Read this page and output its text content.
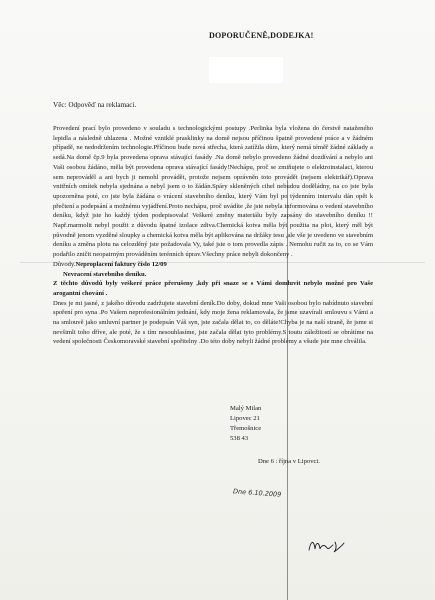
DOPORUČENĚ,DODEJKA!
Věc: Odpověď na reklamaci.

Provedení prací bylo provedeno v souladu s technologickými postupy .Perlinka byla vložena do čerstvě nataženého lepidla a následně uhlazena . Možné vzniklé prasklinky na domě nejsou příčinou špatně provedené práce a v žádném případě, ne nedodržením technologie.Příčinou bude nová střecha, která zatížila dům, který nemá téměř žádné základy a sedá.Na domě čp.9 byla provedena oprava stávající fasády .Na domě nebylo provedeno žádné dozdívání a nebylo ani Vaši osobou žádáno, měla být provedena oprava stávající fasády!Nechápu, proč se zmiňujete o elektroinstalaci, kterou sem neprováděl a ani bych ji nemohl provádět, protože nejsem oprávněn toto provádět (nejsem elektrikář).Oprava vnitřních omítek nebyla sjednána a nebyl jsem o to žádán.Spáry skleněných cihel nebudou doděládny, na co jste byla upozorněna poté, co jste byla žádána o vrácení stavebního deníku, který Vám byl po týdenním intervalu dán opět k přečtení a podepsání a možnému vyjádření.Proto nechápu, proč uvádíte ,že jste nebyla informována o vedení stavebního deníku, když jste ho každý týden podepisovala! Veškeré změny materiálu byly zapsány do stavebního deníku !! Např.marmolit nebyl použit z důvodu špatné izolace zdiva.Chemická kotva měla být použita na plot, který měl být původně jenom vyzděné sloupky a chemická kotva měla být aplikována na držáky tesu ,ale vše je uvedeno ve stavebním deníku a změna plotu na celozděný jste požadovala Vy, také jste o tom provedla zápis . Nemohu ručit za to, co se Vám podařilo zničit neopatrným prováděním terénních úprav.Všechny práce nebyli dokončeny .

Důvody.Neproplacení faktury číslo 12/09

Nevracení stavebního deníku.

Z těchto důvodů byly veškeré práce přerušeny ,kdy při snaze se s Vámi domluvit nebylo možné pro Vaše arogantní chování .

Dnes je mi jasné, z jakého důvodu zadržujete stavební deník.Do doby, dokud mne Vaši osobou bylo nabídnuto stavební spoření pro syna .Po Vašem neprofesionálním jednání, kdy moje žena reklamovala, že jsme uzavírali smlouvu s Vámi a na smlouvě jako smluvní partner je podepsán Váš syn, jste začala dělat to, co děláte!Chyba je na naší straně, že jsme si nevšimli toho dříve, ale poté, že s tím nesouhlasíme, jste začala dělat tyto problémy.S toutu záležitostí se obrátíme na vedení společnosti Českomoravské stavební spořitelny .Do této doby nebyli žádné problémy a všude jste mne chválila.

Malý Milan
Lipovec 21
Třemošnice
538 43
Dne 6 : října v Lipovci.
Dne 6.10.2009
